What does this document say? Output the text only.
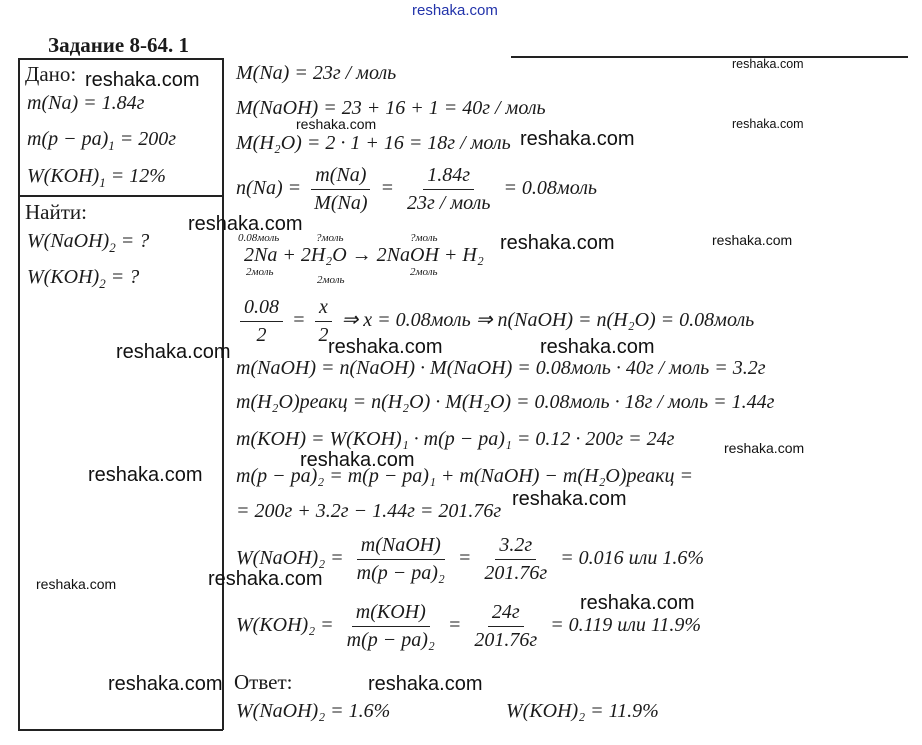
reshaka.com
Задание 8-64. 1
Дано:
m(Na) = 1.84г
$m(р - ра)_1 = 200г$
$W(KOH)_1 = 12\%$
Найти:
$W(NaOH)_2$ = ?
$W(KOH)_2$ = ?
M(Na) = 23г / моль
M(NaOH) = 23 + 16 + 1 = 40г / моль
M(H₂O) = 2 · 1 + 16 = 18г / моль
$n(Na) = \frac{m(Na)}{M(Na)} = \frac{1.84г}{\text{23г / моль}}$ = 0.08моль
0.08моль	?моль	?моль
2Na + 2H₂O → 2NaOH + H₂
2моль
2моль
2моль
$\frac{0.08}{2} = \frac{x}{2}$ ⇒ x = 0.08моль ⇒ n(NaOH) = n(H₂O) = 0.08моль
m(NaOH) = n(NaOH) · M(NaOH) = 0.08моль · 40г / моль = 3.2г
m(H₂O)реакц = n(H₂O) · M(H₂O) = 0.08моль · 18г / моль = 1.44г
m(KOH) = W(KOH)₁ · m(р − ра)₁ = 0.12 · 200г = 24г
m(р − ра)₂ = m(р − ра)₁ + m(NaOH) − m(H₂O)реакц =
= 200г + 3.2г − 1.44г = 201.76г
W(NaOH)₂ = $\frac{\text{m(NaOH)}}{\text{m(р − ра)₂}} = \frac{3.2г}{201.76г} = 0.016$ или 1.6%
$W(KOH)_2 = \frac{\text{m(KOH)}}{\text{m(р − ра)₂}} = \frac{24г}{201.76г} = 0.119$ или 11.9%
Ответ:
W(NaOH)₂ = 1.6%	W(KOH)₂ = 11.9%
reshaka.com
reshaka.com
reshaka.com	reshaka.com
reshaka.com
reshaka.com
reshaka.com	reshaka.com
reshaka.com	reshaka.com	reshaka.com
reshaka.com
reshaka.com
reshaka.com
reshaka.com
reshaka.com
reshaka.com
reshaka.com
reshaka.com	reshaka.com
